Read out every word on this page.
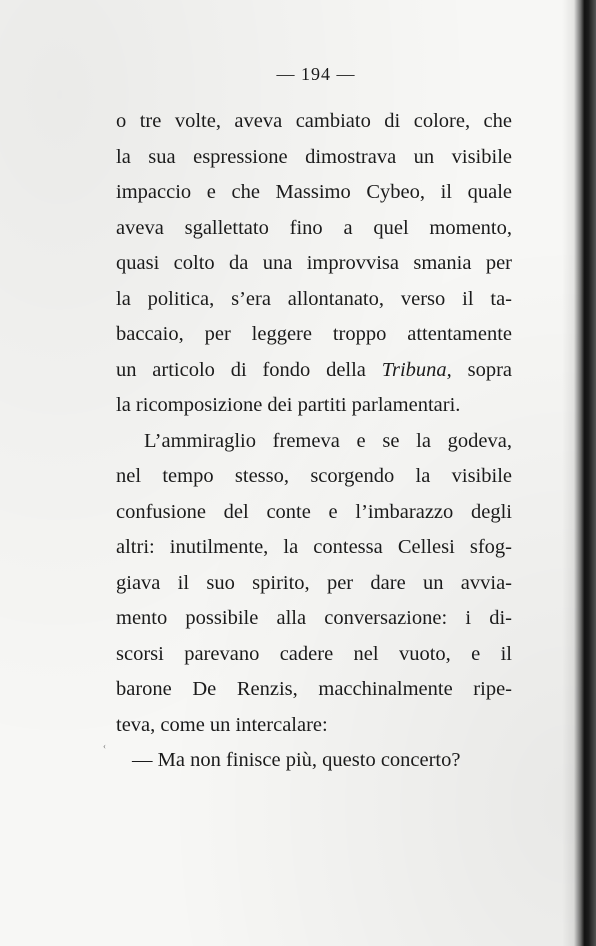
— 194 —
o tre volte, aveva cambiato di colore, che
la sua espressione dimostrava un visibile
impaccio e che Massimo Cybeo, il quale
aveva sgallettato fino a quel momento,
quasi colto da una improvvisa smania per
la politica, s’era allontanato, verso il ta-
baccaio, per leggere troppo attentamente
un articolo di fondo della Tribuna, sopra
la ricomposizione dei partiti parlamentari.
L’ammiraglio fremeva e se la godeva,
nel tempo stesso, scorgendo la visibile
confusione del conte e l’imbarazzo degli
altri: inutilmente, la contessa Cellesi sfog-
giava il suo spirito, per dare un avvia-
mento possibile alla conversazione: i di-
scorsi parevano cadere nel vuoto, e il
barone De Renzis, macchinalmente ripe-
teva, come un intercalare:
— Ma non finisce più, questo concerto?
‹
